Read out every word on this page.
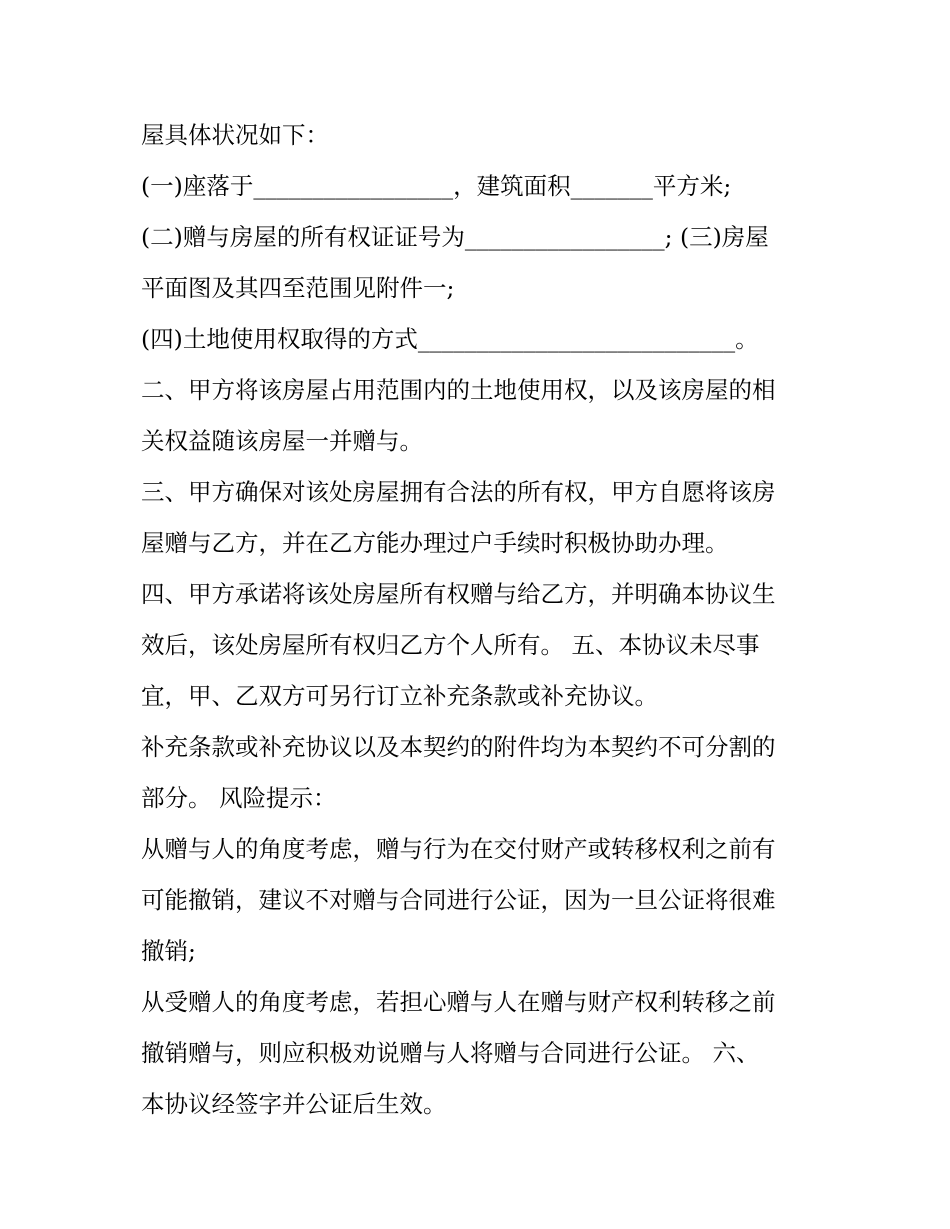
屋具体状况如下：
(一)座落于_________________，建筑面积_______平方米;
(二)赠与房屋的所有权证证号为_________________; (三)房屋
平面图及其四至范围见附件一;
(四)土地使用权取得的方式___________________________。
二、甲方将该房屋占用范围内的土地使用权，以及该房屋的相
关权益随该房屋一并赠与。
三、甲方确保对该处房屋拥有合法的所有权，甲方自愿将该房
屋赠与乙方，并在乙方能办理过户手续时积极协助办理。
四、甲方承诺将该处房屋所有权赠与给乙方，并明确本协议生
效后，该处房屋所有权归乙方个人所有。 五、本协议未尽事
宜，甲、乙双方可另行订立补充条款或补充协议。
补充条款或补充协议以及本契约的附件均为本契约不可分割的
部分。 风险提示：
从赠与人的角度考虑，赠与行为在交付财产或转移权利之前有
可能撤销，建议不对赠与合同进行公证，因为一旦公证将很难
撤销;
从受赠人的角度考虑，若担心赠与人在赠与财产权利转移之前
撤销赠与，则应积极劝说赠与人将赠与合同进行公证。 六、
本协议经签字并公证后生效。
